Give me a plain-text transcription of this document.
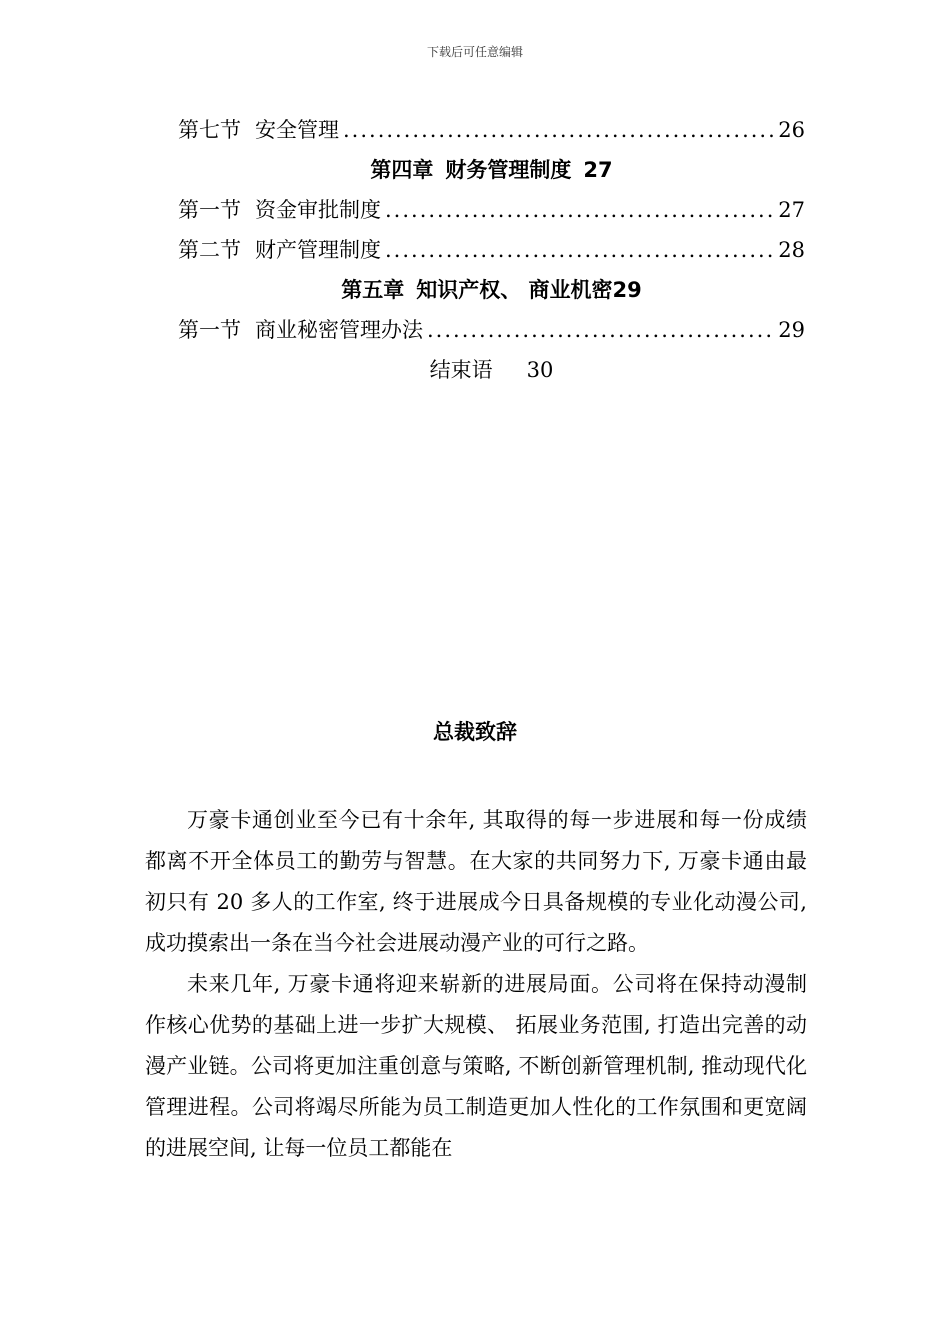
下载后可任意编辑
第七节 安全管理 .....	26
第四章 财务管理制度 27
第一节 资金审批制度 .....	27
第二节 财产管理制度 .....	28
第五章 知识产权、 商业机密29
第一节 商业秘密管理办法 .....	29
结束语 30
总裁致辞

万豪卡通创业至今已有十余年, 其取得的每一步进展和每一份成绩都离不开全体员工的勤劳与智慧。在大家的共同努力下, 万豪卡通由最初只有 20 多人的工作室, 终于进展成今日具备规模的专业化动漫公司, 成功摸索出一条在当今社会进展动漫产业的可行之路。

未来几年, 万豪卡通将迎来崭新的进展局面。公司将在保持动漫制作核心优势的基础上进一步扩大规模、 拓展业务范围, 打造出完善的动漫产业链。公司将更加注重创意与策略, 不断创新管理机制, 推动现代化管理进程。公司将竭尽所能为员工制造更加人性化的工作氛围和更宽阔的进展空间, 让每一位员工都能在
